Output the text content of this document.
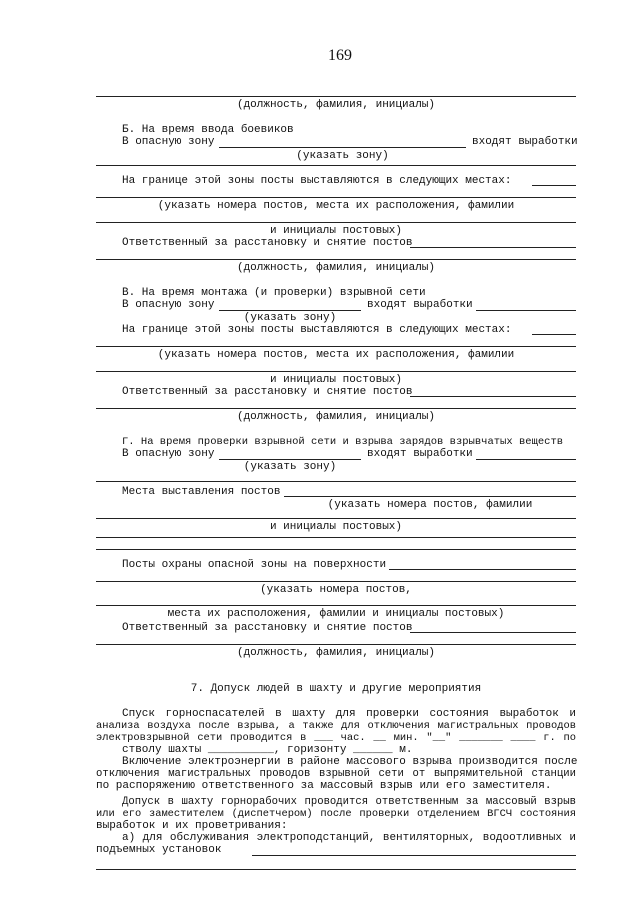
169
(должность, фамилия, инициалы)
Б. На время ввода боевиков
В опасную зону	входят выработки
(указать зону)
На границе этой зоны посты выставляются в следующих местах:
(указать номера постов, места их расположения, фамилии
и инициалы постовых)
Ответственный за расстановку и снятие постов
(должность, фамилия, инициалы)
В. На время монтажа (и проверки) взрывной сети
В опасную зону	входят выработки
(указать зону)
На границе этой зоны посты выставляются в следующих местах:
(указать номера постов, места их расположения, фамилии
и инициалы постовых)
Ответственный за расстановку и снятие постов
(должность, фамилия, инициалы)
Г. На время проверки взрывной сети и взрыва зарядов взрывчатых веществ
В опасную зону	входят выработки
(указать зону)
Места выставления постов
(указать номера постов, фамилии
и инициалы постовых)
Посты охраны опасной зоны на поверхности
(указать номера постов,
места их расположения, фамилии и инициалы постовых)
Ответственный за расстановку и снятие постов
(должность, фамилия, инициалы)
7. Допуск людей в шахту и другие мероприятия
Спуск горноспасателей в шахту для проверки состояния выработок и
анализа воздуха после взрыва, а также для отключения магистральных проводов
электровзрывной сети проводится в ___ час. __ мин. "__" _______ ____ г. по
стволу шахты __________, горизонту ______ м.
Включение электроэнергии в районе массового взрыва производится после
отключения магистральных проводов взрывной сети от выпрямительной станции
по распоряжению ответственного за массовый взрыв или его заместителя.
Допуск в шахту горнорабочих проводится ответственным за массовый взрыв
или его заместителем (диспетчером) после проверки отделением ВГСЧ состояния
выработок и их проветривания:
а) для обслуживания электроподстанций, вентиляторных, водоотливных и
подъемных установок
